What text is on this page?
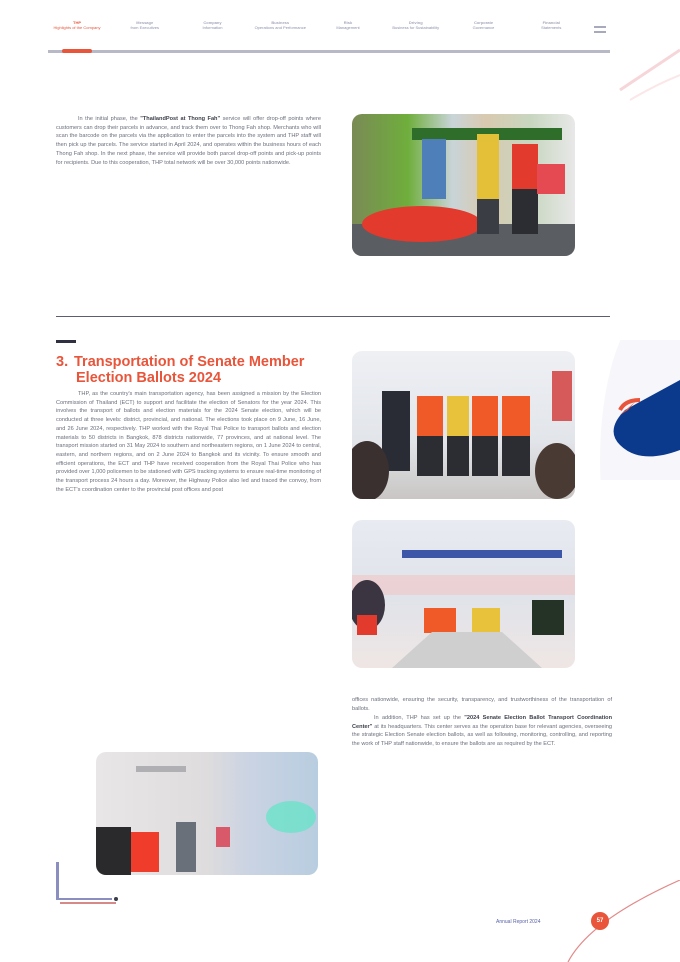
THP
Highlights of the Company
Message
from Executives
Company
Information
Business
Operations and Performance
Risk
Management
Driving
Business for Sustainability
Corporate
Governance
Financial
Statements
In the initial phase, the "ThailandPost at Thong Fah" service will offer drop-off points where customers can drop their parcels in advance, and track them over to Thong Fah shop. Merchants who will scan the barcode on the parcels via the application to enter the parcels into the system and THP staff will then pick up the parcels. The service started in April 2024, and operates within the business hours of each Thong Fah shop. In the next phase, the service will provide both parcel drop-off points and pick-up points for recipients. Due to this cooperation, THP total network will be over 30,000 points nationwide.
3. Transportation of Senate Member
Election Ballots 2024
THP, as the country's main transportation agency, has been assigned a mission by the Election Commission of Thailand (ECT) to support and facilitate the election of Senators for the year 2024. This involves the transport of ballots and election materials for the 2024 Senate election, which will be conducted at three levels: district, provincial, and national. The elections took place on 9 June, 16 June, and 26 June 2024, respectively. THP worked with the Royal Thai Police to transport ballots and election materials to 50 districts in Bangkok, 878 districts nationwide, 77 provinces, and at national level. The transport mission started on 31 May 2024 to southern and northeastern regions, on 1 June 2024 to central, eastern, and northern regions, and on 2 June 2024 to Bangkok and its vicinity. To ensure smooth and efficient operations, the ECT and THP have received cooperation from the Royal Thai Police who has provided over 1,000 policemen to be stationed with GPS tracking systems to ensure real-time monitoring of the transport process 24 hours a day. Moreover, the Highway Police also led and traced the convoy, from the ECT's coordination center to the provincial post offices and post
offices nationwide, ensuring the security, transparency, and trustworthiness of the transportation of ballots.
In addition, THP has set up the "2024 Senate Election Ballot Transport Coordination Center" at its headquarters. This center serves as the operation base for relevant agencies, overseeing the strategic Election Senate election ballots, as well as following, monitoring, controlling, and reporting the work of THP staff nationwide, to ensure the ballots are as required by the ECT.
Annual Report 2024	57
